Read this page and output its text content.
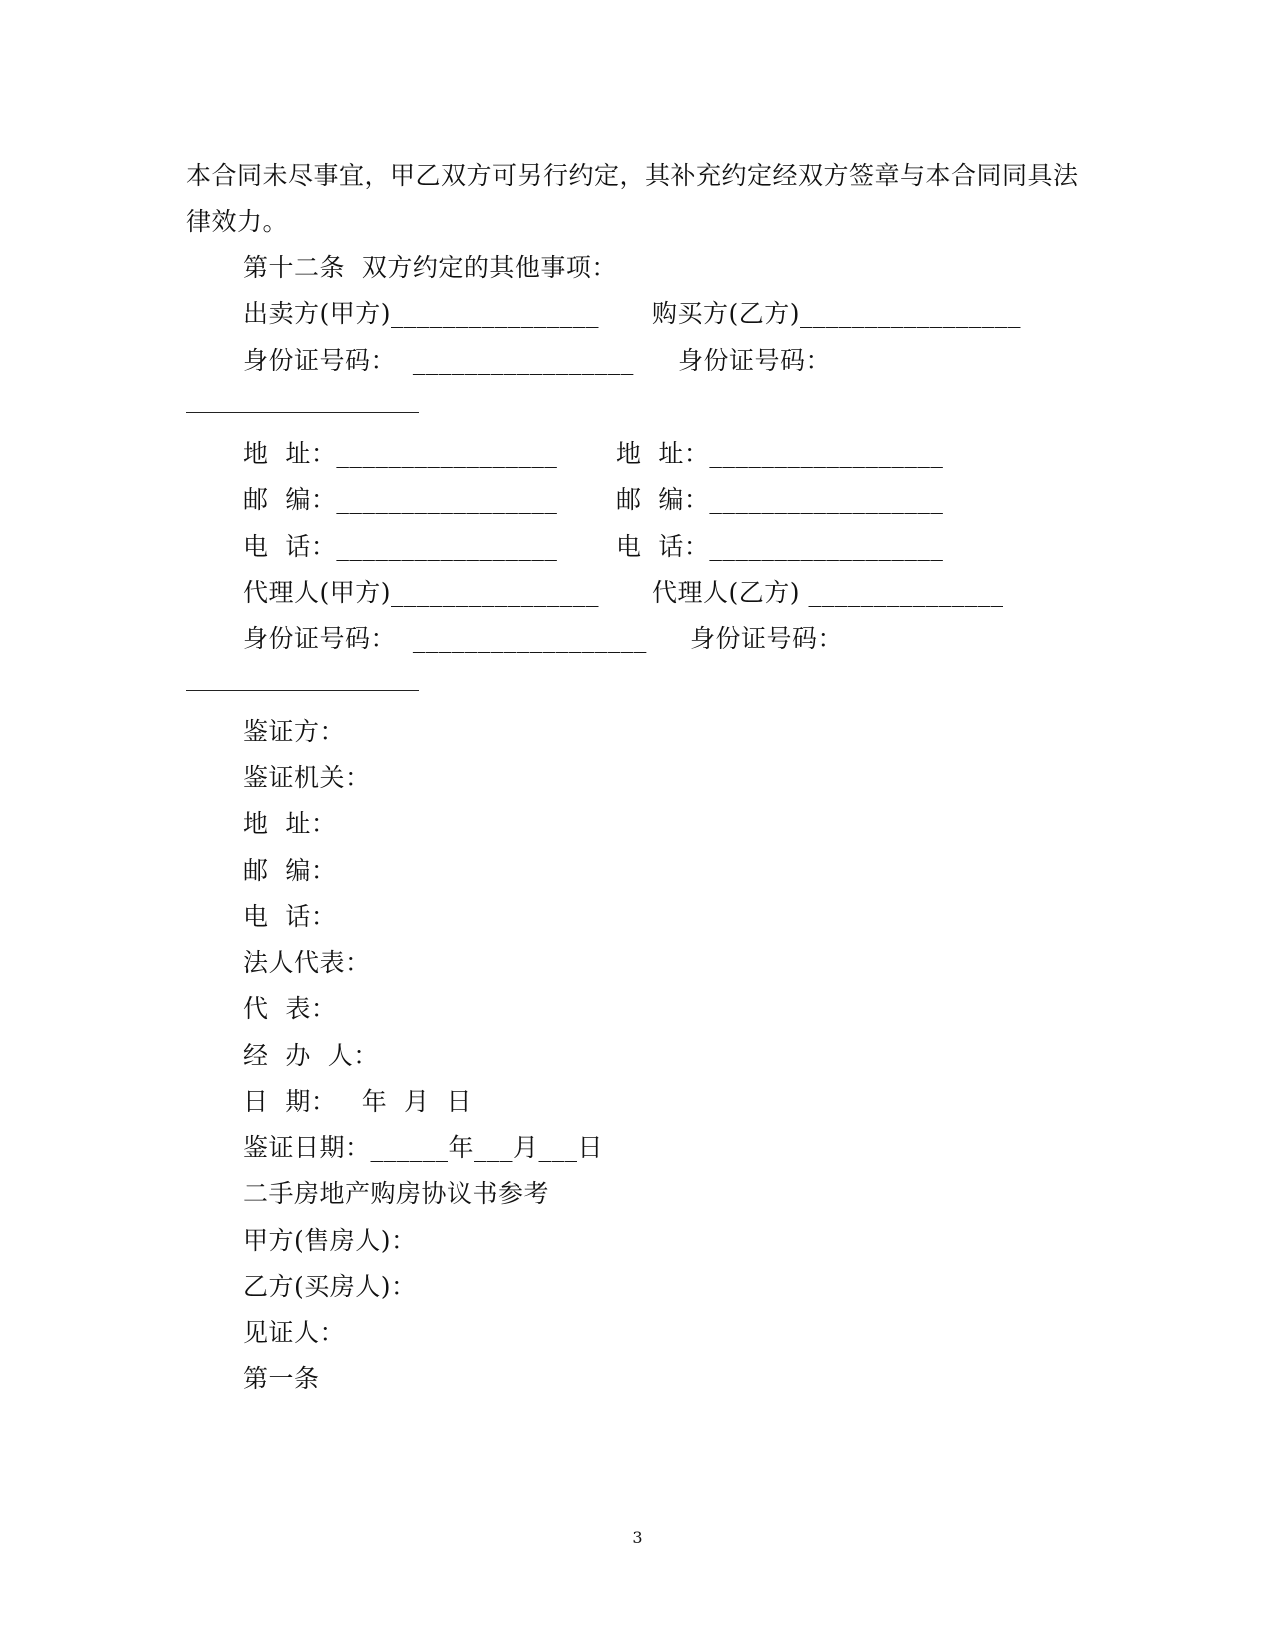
本合同未尽事宜，甲乙双方可另行约定，其补充约定经双方签章与本合同同具法

律效力。

第十二条  双方约定的其他事项：

出卖方(甲方)________________ 购买方(乙方)_________________

身份证号码：  _________________ 身份证号码：

地  址：_________________ 地  址：__________________

邮  编：_________________ 邮  编：__________________

电  话：_________________ 电  话：__________________

代理人(甲方)________________ 代理人(乙方) _______________

身份证号码：  __________________ 身份证号码：

鉴证方：

鉴证机关：

地  址：

邮  编：

电  话：

法人代表：

代  表：

经  办  人：

日  期：   年  月  日

鉴证日期：______年___月___日

二手房地产购房协议书参考

甲方(售房人)：

乙方(买房人)：

见证人：

第一条

3
